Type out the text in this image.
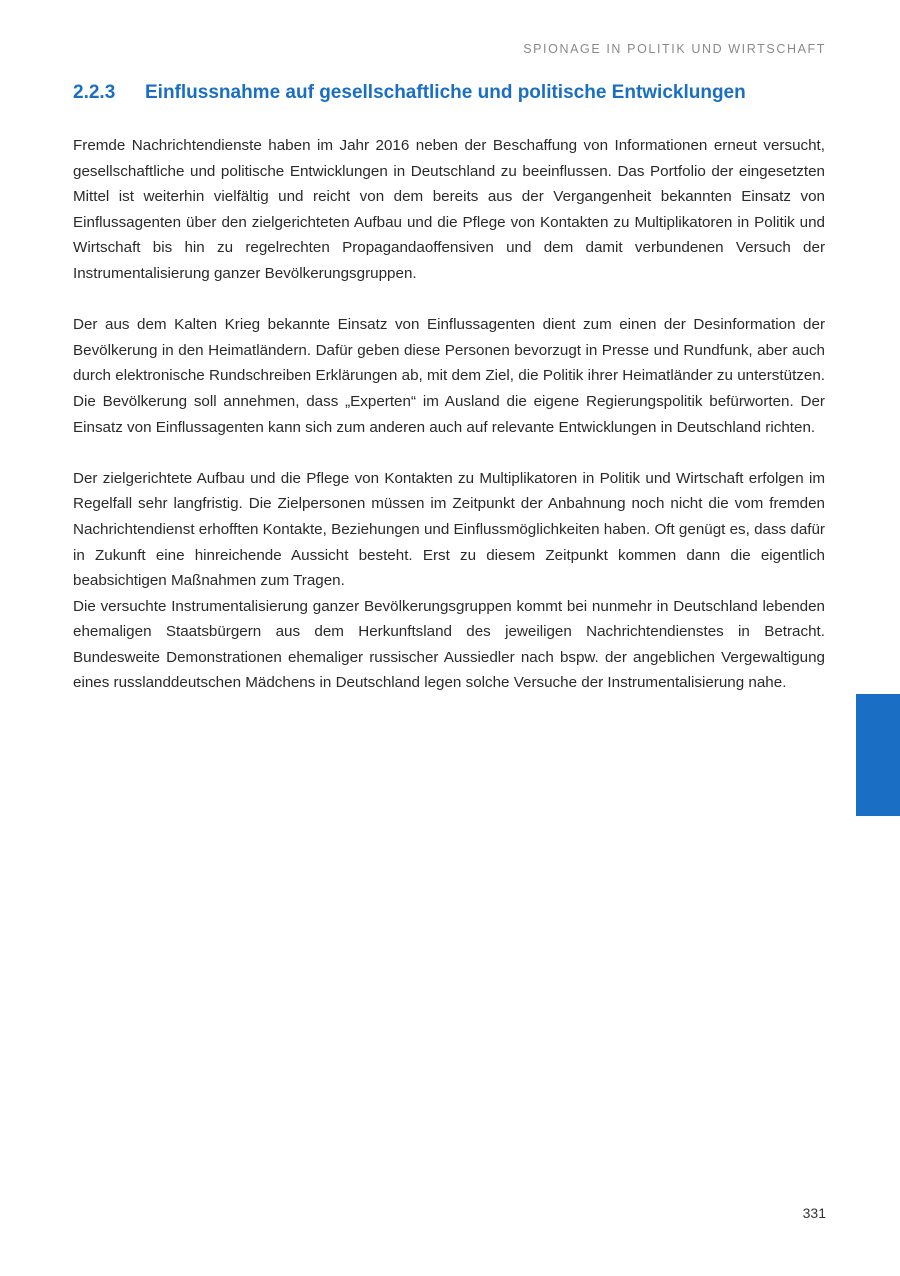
SPIONAGE IN POLITIK UND WIRTSCHAFT
2.2.3 Einflussnahme auf gesellschaftliche und politische Entwicklungen

Fremde Nachrichtendienste haben im Jahr 2016 neben der Beschaffung von Informationen erneut versucht, gesellschaftliche und politische Entwicklungen in Deutschland zu beeinflussen. Das Portfolio der eingesetzten Mittel ist weiterhin vielfältig und reicht von dem bereits aus der Vergangenheit bekannten Einsatz von Einflussagenten über den zielgerichteten Aufbau und die Pflege von Kontakten zu Multiplikatoren in Politik und Wirtschaft bis hin zu regelrechten Propagandaoffensiven und dem damit verbundenen Versuch der Instrumentalisierung ganzer Bevölkerungsgruppen.

Der aus dem Kalten Krieg bekannte Einsatz von Einflussagenten dient zum einen der Desinformation der Bevölkerung in den Heimatländern. Dafür geben diese Personen bevorzugt in Presse und Rundfunk, aber auch durch elektronische Rundschreiben Erklärungen ab, mit dem Ziel, die Politik ihrer Heimatländer zu unterstützen. Die Bevölkerung soll annehmen, dass „Experten“ im Ausland die eigene Regierungspolitik befürworten. Der Einsatz von Einflussagenten kann sich zum anderen auch auf relevante Entwicklungen in Deutschland richten.

Der zielgerichtete Aufbau und die Pflege von Kontakten zu Multiplikatoren in Politik und Wirtschaft erfolgen im Regelfall sehr langfristig. Die Zielpersonen müssen im Zeitpunkt der Anbahnung noch nicht die vom fremden Nachrichtendienst erhofften Kontakte, Beziehungen und Einflussmöglichkeiten haben. Oft genügt es, dass dafür in Zukunft eine hinreichende Aussicht besteht. Erst zu diesem Zeitpunkt kommen dann die eigentlich beabsichtigen Maßnahmen zum Tragen.

Die versuchte Instrumentalisierung ganzer Bevölkerungsgruppen kommt bei nunmehr in Deutschland lebenden ehemaligen Staatsbürgern aus dem Herkunftsland des jeweiligen Nachrichtendienstes in Betracht. Bundesweite Demonstrationen ehemaliger russischer Aussiedler nach bspw. der angeblichen Vergewaltigung eines russlanddeutschen Mädchens in Deutschland legen solche Versuche der Instrumentalisierung nahe.

331
